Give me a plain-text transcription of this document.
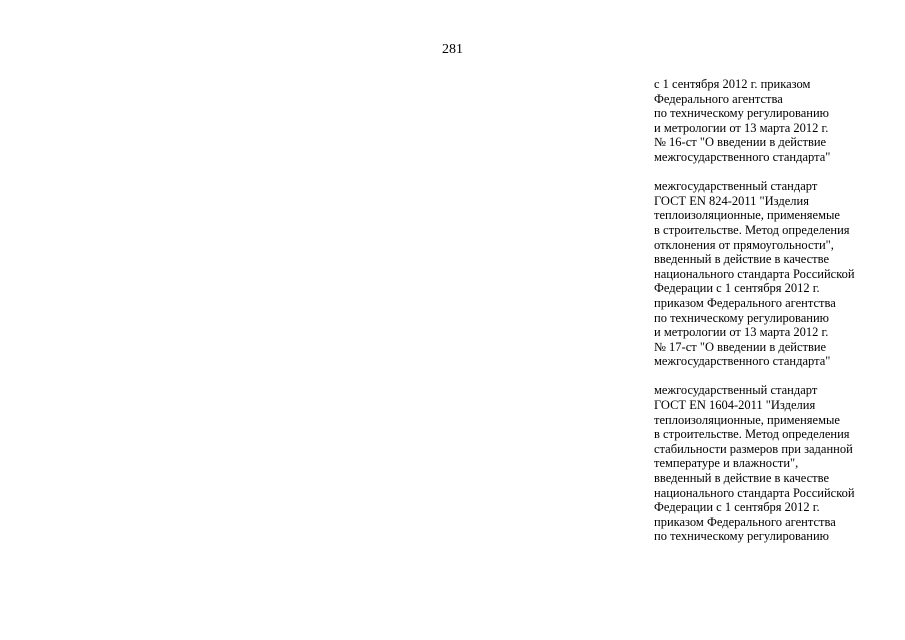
281
с 1 сентября 2012 г. приказом
Федерального агентства
по техническому регулированию
и метрологии от 13 марта 2012 г.
№ 16-ст "О введении в действие
межгосударственного стандарта"
межгосударственный стандарт
ГОСТ EN 824-2011 "Изделия
теплоизоляционные, применяемые
в строительстве. Метод определения
отклонения от прямоугольности",
введенный в действие в качестве
национального стандарта Российской
Федерации с 1 сентября 2012 г.
приказом Федерального агентства
по техническому регулированию
и метрологии от 13 марта 2012 г.
№ 17-ст "О введении в действие
межгосударственного стандарта"
межгосударственный стандарт
ГОСТ EN 1604-2011 "Изделия
теплоизоляционные, применяемые
в строительстве. Метод определения
стабильности размеров при заданной
температуре и влажности",
введенный в действие в качестве
национального стандарта Российской
Федерации с 1 сентября 2012 г.
приказом Федерального агентства
по техническому регулированию
